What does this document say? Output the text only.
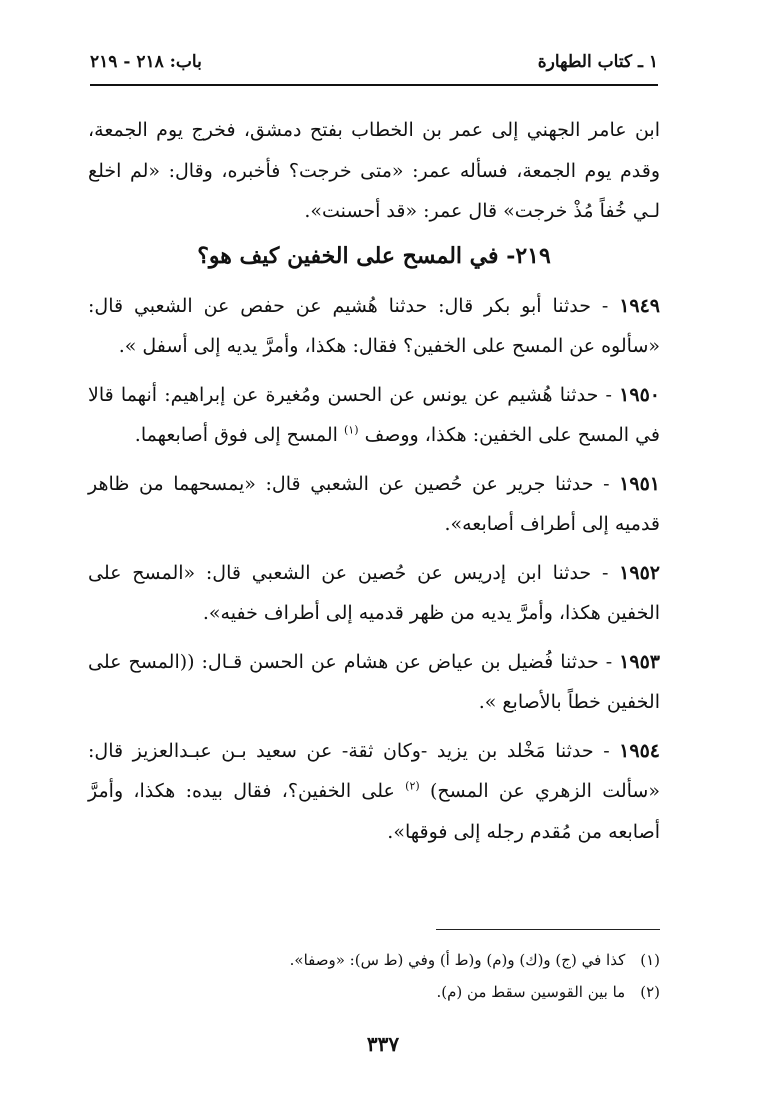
١ ـ كتاب الطهارة
باب: ٢١٨ - ٢١٩

ابن عامر الجهني إلى عمر بن الخطاب بفتح دمشق، فخرج يوم الجمعة، وقدم يوم الجمعة، فسأله عمر: «متى خرجت؟ فأخبره، وقال: «لم اخلع لـي خُفاً مُذْ خرجت» قال عمر: «قد أحسنت».

٢١٩- في المسح على الخفين كيف هو؟

١٩٤٩ - حدثنا أبو بكر قال: حدثنا هُشيم عن حفص عن الشعبي قال: «سألوه عن المسح على الخفين؟ فقال: هكذا، وأمرَّ يديه إلى أسفل ».

١٩٥٠ - حدثنا هُشيم عن يونس عن الحسن ومُغيرة عن إبراهيم: أنهما قالا في المسح على الخفين: هكذا، ووصف $^{(١)}$ المسح إلى فوق أصابعهما.

١٩٥١ - حدثنا جرير عن حُصين عن الشعبي قال: «يمسحهما من ظاهر قدميه إلى أطراف أصابعه».

١٩٥٢ - حدثنا ابن إدريس عن حُصين عن الشعبي قال: «المسح على الخفين هكذا، وأمرَّ يديه من ظهر قدميه إلى أطراف خفيه».

١٩٥٣ - حدثنا فُضيل بن عياض عن هشام عن الحسن قـال: ((المسح على الخفين خطاً بالأصابع ».

١٩٥٤ - حدثنا مَخْلد بن يزيد -وكان ثقة- عن سعيد بـن عبـدالعزيز قال: «سألت الزهري عن المسح) $^{(٢)}$ على الخفين؟، فقال بيده: هكذا، وأمرَّ أصابعه من مُقدم رجله إلى فوقها».

(١) كذا في (ج) و(ك) و(م) و(ط أ) وفي (ط س): «وصفا».

(٢) ما بين القوسين سقط من (م).

٣٣٧
